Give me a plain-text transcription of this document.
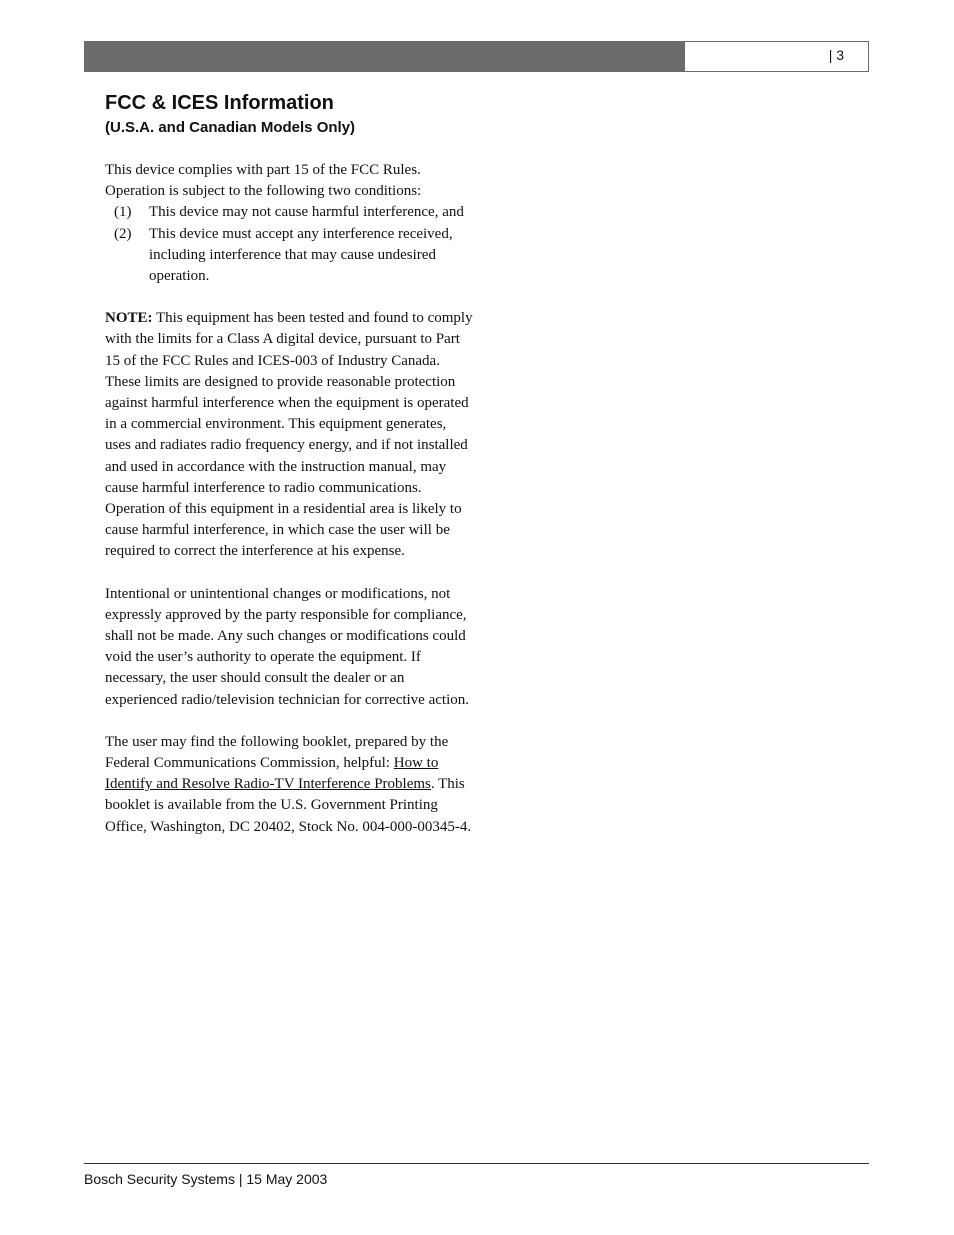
| 3
FCC & ICES Information
(U.S.A. and Canadian Models Only)

This device complies with part 15 of the FCC Rules. Operation is subject to the following two conditions:

(1) This device may not cause harmful interference, and
(2) This device must accept any interference received, including interference that may cause undesired operation.

NOTE: This equipment has been tested and found to comply with the limits for a Class A digital device, pursuant to Part 15 of the FCC Rules and ICES-003 of Industry Canada. These limits are designed to provide reasonable protection against harmful interference when the equipment is operated in a commercial environment. This equipment generates, uses and radiates radio frequency energy, and if not installed and used in accordance with the instruction manual, may cause harmful interference to radio communications. Operation of this equipment in a residential area is likely to cause harmful interference, in which case the user will be required to correct the interference at his expense.

Intentional or unintentional changes or modifications, not expressly approved by the party responsible for compliance, shall not be made. Any such changes or modifications could void the user’s authority to operate the equipment. If necessary, the user should consult the dealer or an experienced radio/television technician for corrective action.

The user may find the following booklet, prepared by the Federal Communications Commission, helpful: How to Identify and Resolve Radio-TV Interference Problems. This booklet is available from the U.S. Government Printing Office, Washington, DC 20402, Stock No. 004-000-00345-4.

Bosch Security Systems | 15 May 2003
